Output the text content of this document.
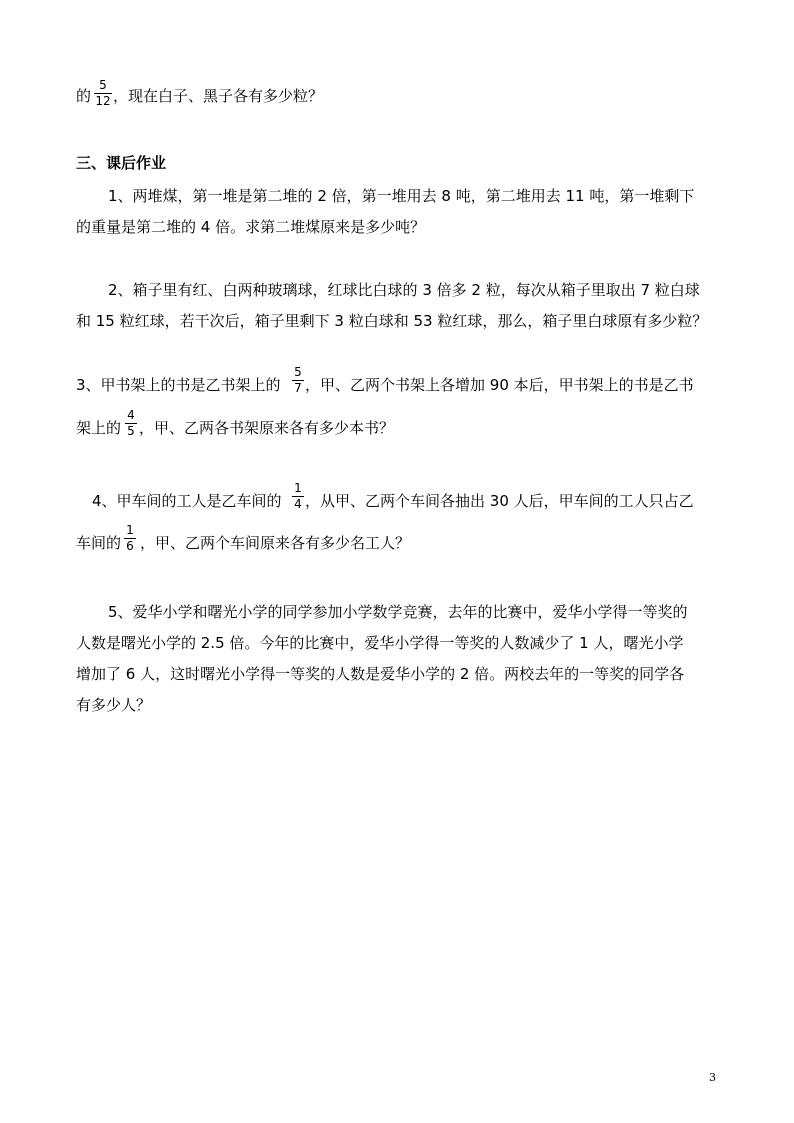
的
5
12 ，现在白子、黑子各有多少粒？
三、课后作业
1、两堆煤，第一堆是第二堆的 2 倍，第一堆用去 8 吨，第二堆用去 11 吨，第一堆剩下
的重量是第二堆的 4 倍。求第二堆煤原来是多少吨？
2、箱子里有红、白两种玻璃球，红球比白球的 3 倍多 2 粒，每次从箱子里取出 7 粒白球
和 15 粒红球，若干次后，箱子里剩下 3 粒白球和 53 粒红球，那么，箱子里白球原有多少粒？
3、甲书架上的书是乙书架上的
5
7 ，甲、乙两个书架上各增加 90 本后，甲书架上的书是乙书
架上的
4
5 ，甲、乙两各书架原来各有多少本书？
4、甲车间的工人是乙车间的
1
4 ，从甲、乙两个车间各抽出 30 人后，甲车间的工人只占乙
车间的
1
6 ，甲、乙两个车间原来各有多少名工人？
5、爱华小学和曙光小学的同学参加小学数学竞赛，去年的比赛中，爱华小学得一等奖的
人数是曙光小学的 2.5 倍。今年的比赛中，爱华小学得一等奖的人数减少了 1 人，曙光小学
增加了 6 人，这时曙光小学得一等奖的人数是爱华小学的 2 倍。两校去年的一等奖的同学各
有多少人？
3
